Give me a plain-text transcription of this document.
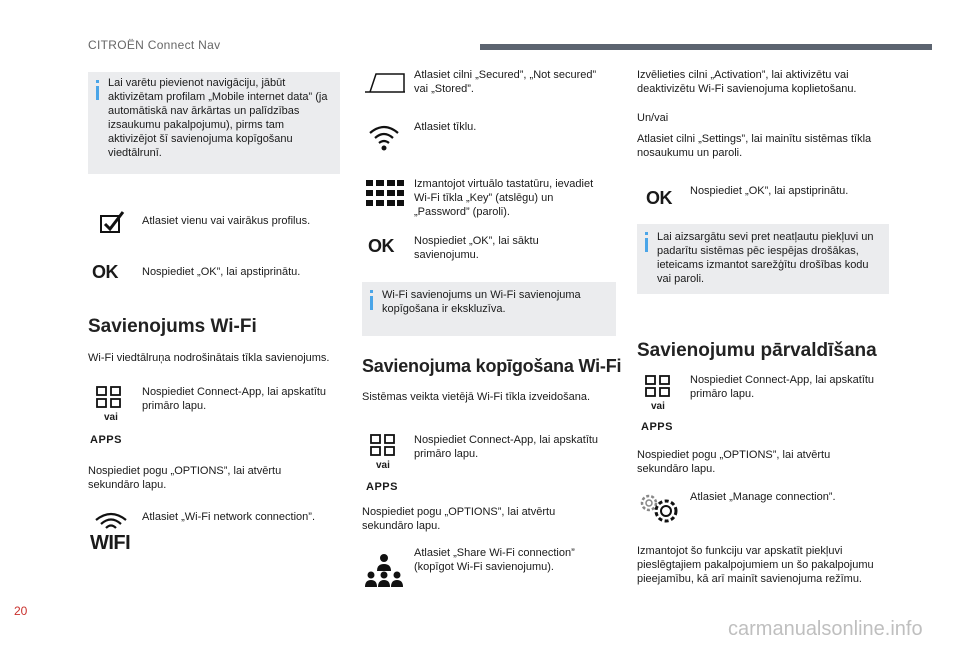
CITROËN Connect Nav
Lai varētu pievienot navigāciju, jābūt aktivizētam profilam „Mobile internet data” (ja automātiskā nav ārkārtas un palīdzības izsaukumu pakalpojumu), pirms tam aktivizējot šī savienojuma kopīgošanu viedtālrunī.
Atlasiet vienu vai vairākus profilus.
OK Nospiediet „OK”, lai apstiprinātu.
Savienojums Wi-Fi
Wi-Fi viedtālruņa nodrošinātais tīkla savienojums.
vai
APPS
Nospiediet Connect-App, lai apskatītu primāro lapu.
Nospiediet pogu „OPTIONS”, lai atvērtu sekundāro lapu.
WIFI
Atlasiet „Wi-Fi network connection”.
Atlasiet cilni „Secured”, „Not secured” vai „Stored”.
Atlasiet tīklu.
Izmantojot virtuālo tastatūru, ievadiet Wi-Fi tīkla „Key” (atslēgu) un „Password” (paroli).
OK Nospiediet „OK”, lai sāktu savienojumu.
Wi-Fi savienojums un Wi-Fi savienojuma kopīgošana ir ekskluzīva.
Savienojuma kopīgošana Wi-Fi
Sistēmas veikta vietējā Wi-Fi tīkla izveidošana.
vai
APPS
Nospiediet Connect-App, lai apskatītu primāro lapu.
Nospiediet pogu „OPTIONS”, lai atvērtu sekundāro lapu.
Atlasiet „Share Wi-Fi connection” (kopīgot Wi-Fi savienojumu).
Izvēlieties cilni „Activation”, lai aktivizētu vai deaktivizētu Wi-Fi savienojuma koplietošanu.
Un/vai
Atlasiet cilni „Settings”, lai mainītu sistēmas tīkla nosaukumu un paroli.
OK Nospiediet „OK”, lai apstiprinātu.
Lai aizsargātu sevi pret neatļautu piekļuvi un padarītu sistēmas pēc iespējas drošākas, ieteicams izmantot sarežģītu drošības kodu vai paroli.
Savienojumu pārvaldīšana
vai
APPS
Nospiediet Connect-App, lai apskatītu primāro lapu.
Nospiediet pogu „OPTIONS”, lai atvērtu sekundāro lapu.
Atlasiet „Manage connection”.
Izmantojot šo funkciju var apskatīt piekļuvi pieslēgtajiem pakalpojumiem un šo pakalpojumu pieejamību, kā arī mainīt savienojuma režīmu.
20
carmanualsonline.info
